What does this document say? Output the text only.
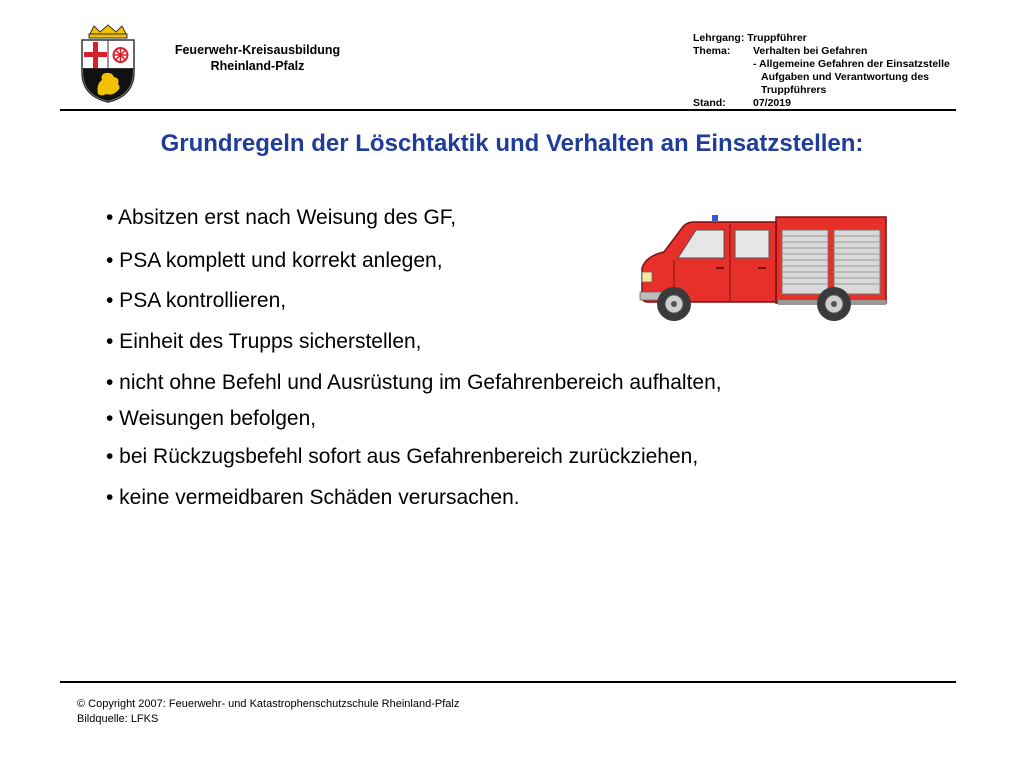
Feuerwehr-Kreisausbildung
Rheinland-Pfalz
Lehrgang:
Truppführer
Thema:	Verhalten bei Gefahren
- Allgemeine Gefahren der Einsatzstelle
Aufgaben und Verantwortung des
Truppführers
Stand:	07/2019
Grundregeln der Löschtaktik und Verhalten an Einsatzstellen:
• Absitzen erst nach Weisung des GF,
• PSA komplett und korrekt anlegen,
• PSA kontrollieren,
• Einheit des Trupps sicherstellen,
• nicht ohne Befehl und Ausrüstung im Gefahrenbereich aufhalten,
• Weisungen befolgen,
• bei Rückzugsbefehl sofort aus Gefahrenbereich zurückziehen,
• keine vermeidbaren Schäden verursachen.
© Copyright 2007: Feuerwehr- und Katastrophenschutzschule Rheinland-Pfalz
Bildquelle: LFKS
